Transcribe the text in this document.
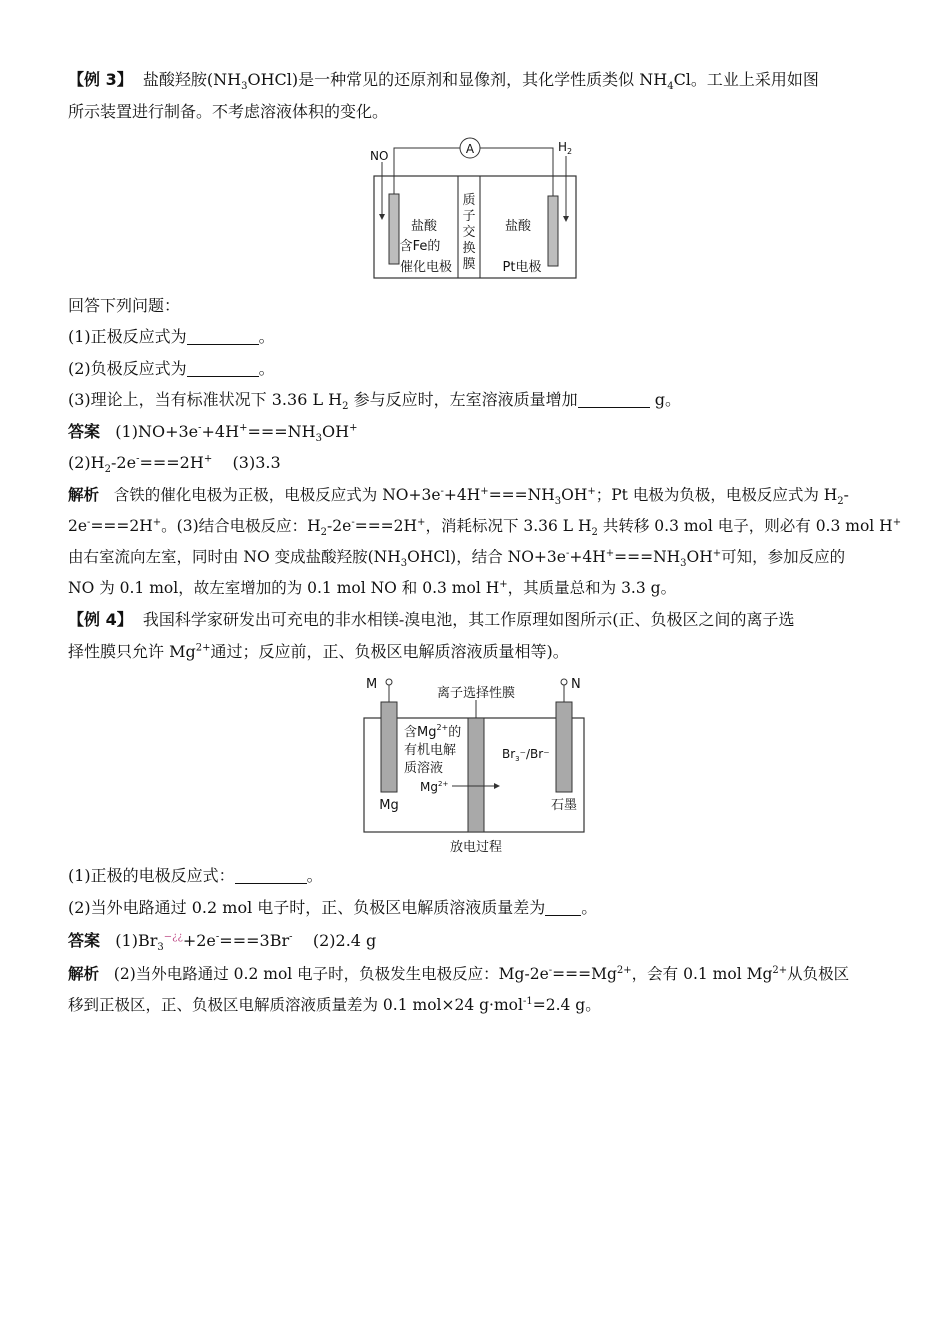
【例 3】 盐酸羟胺$(NH_3OHCl)$是一种常见的还原剂和显像剂，其化学性质类似 $NH_4Cl$。工业上采用如图
所示装置进行制备。不考虑溶液体积的变化。
A
NO
$H_2$
盐酸
含Fe的
催化电极
质
子
交
换
膜
盐酸
Pt电极
回答下列问题：
(1)正极反应式为	。
(2)负极反应式为	。
(3)理论上，当有标准状况下 3.36 L $H_2$ 参与反应时，左室溶液质量增加	g。
答案 $(1)NO+3e^-+4H^+===NH_3OH^+$
$(2)H_2-2e^-===2H^+$ (3)3.3
解析 含铁的催化电极为正极，电极反应式为 $NO+3e^-+4H^+===NH_3OH^+$；Pt 电极为负极，电极反应式为 $H_2-$
2e-===2H+。(3)结合电极反应：$H_2-2e^-===2H^+$，消耗标况下 3.36 L $H_2$ 共转移 0.3 mol 电子，则必有 0.3 mol H+
由右室流向左室，同时由 NO 变成盐酸羟胺$(NH_3OHCl)$，结合 $NO+3e^-+4H^+===NH_3OH^+$可知，参加反应的
NO 为 0.1 mol，故左室增加的为 0.1 mol NO 和 0.3 mol H+，其质量总和为 3.3 g。
【例 4】 我国科学家研发出可充电的非水相镁-溴电池，其工作原理如图所示(正、负极区之间的离子选
择性膜只允许 $Mg^{2+}$通过；反应前，正、负极区电解质溶液质量相等)。
M	N
离子选择性膜
含$Mg^{2+}$的
有机电解
质溶液
$Mg^{2+}$
$Br_3^-/Br^-$
Mg	石墨
放电过程
(1)正极的电极反应式：	。
(2)当外电路通过 0.2 mol 电子时，正、负极区电解质溶液质量差为 。
答案 $(1)Br_3^{-¿¿}+2e^-===3Br^-$ (2)2.4 g
解析 (2)当外电路通过 0.2 mol 电子时，负极发生电极反应：$Mg-2e^-===Mg^{2+}$，会有 0.1 mol $Mg^{2+}$从负极区
移到正极区，正、负极区电解质溶液质量差为 0.1 mol×24 g·mol$^{-1}$=2.4 g。
